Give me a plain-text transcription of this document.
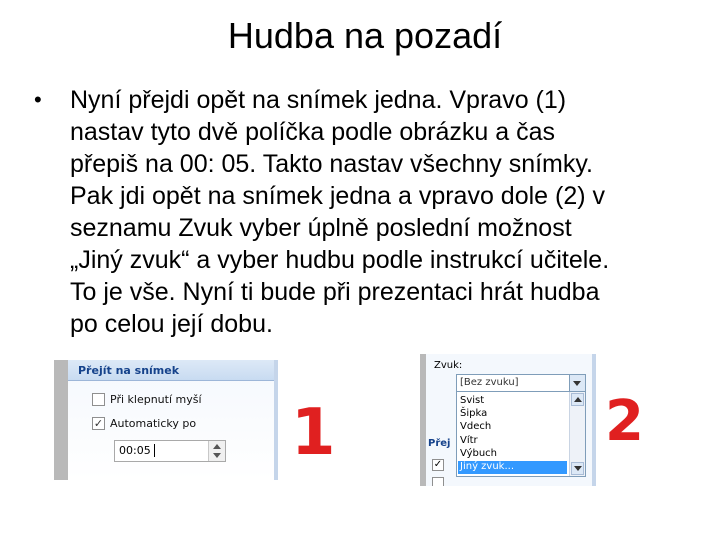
Hudba na pozadí
• Nyní přejdi opět na snímek jedna. Vpravo (1)
nastav tyto dvě políčka podle obrázku a čas
přepiš na 00: 05. Takto nastav všechny snímky.
Pak jdi opět na snímek jedna a vpravo dole (2) v
seznamu Zvuk vyber úplně poslední možnost
„Jiný zvuk“ a vyber hudbu podle instrukcí učitele.
To je vše. Nyní ti bude při prezentaci hrát hudba
po celou její dobu.
Přejít na snímek
Při klepnutí myší
✓ Automaticky po
00:05 1
Zvuk:
[Bez zvuku]
Přej
✓
Svist
Šipka
Vdech
Vítr
Výbuch
Jiný zvuk...
2
